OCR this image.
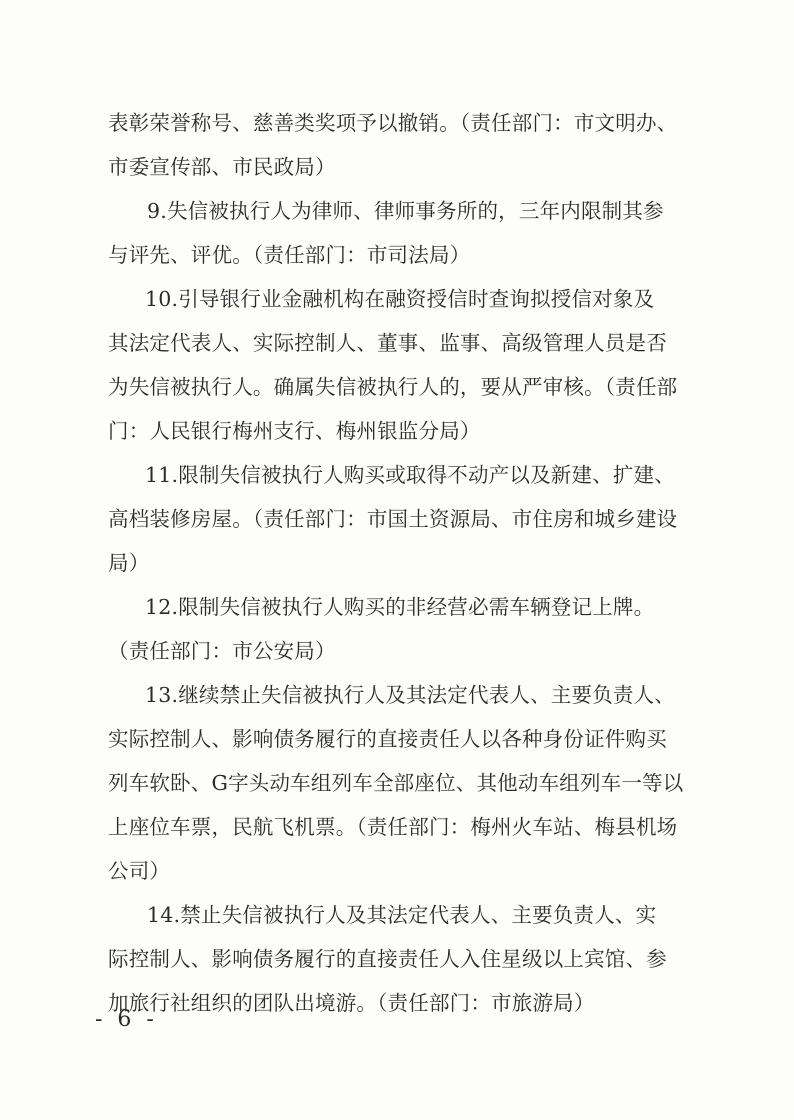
表彰荣誉称号、慈善类奖项予以撤销。（责任部门：市文明办、
市委宣传部、市民政局）
9.失信被执行人为律师、律师事务所的，三年内限制其参
与评先、评优。（责任部门：市司法局）
10.引导银行业金融机构在融资授信时查询拟授信对象及
其法定代表人、实际控制人、董事、监事、高级管理人员是否
为失信被执行人。确属失信被执行人的，要从严审核。（责任部
门：人民银行梅州支行、梅州银监分局）
11.限制失信被执行人购买或取得不动产以及新建、扩建、
高档装修房屋。（责任部门：市国土资源局、市住房和城乡建设
局）
12.限制失信被执行人购买的非经营必需车辆登记上牌。
（责任部门：市公安局）
13.继续禁止失信被执行人及其法定代表人、主要负责人、
实际控制人、影响债务履行的直接责任人以各种身份证件购买
列车软卧、G字头动车组列车全部座位、其他动车组列车一等以
上座位车票，民航飞机票。（责任部门：梅州火车站、梅县机场
公司）
14.禁止失信被执行人及其法定代表人、主要负责人、实
际控制人、影响债务履行的直接责任人入住星级以上宾馆、参
加旅行社组织的团队出境游。（责任部门：市旅游局）
- 6 -
